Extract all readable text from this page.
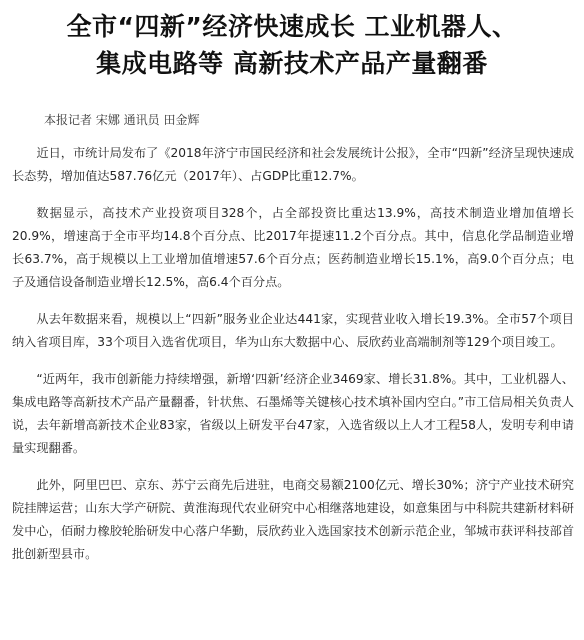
全市“四新”经济快速成长 工业机器人、
集成电路等 高新技术产品产量翻番
本报记者 宋娜 通讯员 田金辉

近日，市统计局发布了《2018年济宁市国民经济和社会发展统计公报》，全市“四新”经济呈现快速成长态势，增加值达587.76亿元（2017年）、占GDP比重12.7%。

数据显示，高技术产业投资项目328个，占全部投资比重达13.9%，高技术制造业增加值增长20.9%，增速高于全市平均14.8个百分点、比2017年提速11.2个百分点。其中，信息化学品制造业增长63.7%，高于规模以上工业增加值增速57.6个百分点；医药制造业增长15.1%，高9.0个百分点；电子及通信设备制造业增长12.5%，高6.4个百分点。

从去年数据来看，规模以上“四新”服务业企业达441家，实现营业收入增长19.3%。全市57个项目纳入省项目库，33个项目入选省优项目，华为山东大数据中心、辰欣药业高端制剂等129个项目竣工。

“近两年，我市创新能力持续增强，新增‘四新’经济企业3469家、增长31.8%。其中，工业机器人、集成电路等高新技术产品产量翻番，针状焦、石墨烯等关键核心技术填补国内空白。”市工信局相关负责人说，去年新增高新技术企业83家，省级以上研发平台47家，入选省级以上人才工程58人，发明专利申请量实现翻番。

此外，阿里巴巴、京东、苏宁云商先后进驻，电商交易额2100亿元、增长30%；济宁产业技术研究院挂牌运营；山东大学产研院、黄淮海现代农业研究中心相继落地建设，如意集团与中科院共建新材料研发中心，佰耐力橡胶轮胎研发中心落户华勤，辰欣药业入选国家技术创新示范企业，邹城市获评科技部首批创新型县市。
